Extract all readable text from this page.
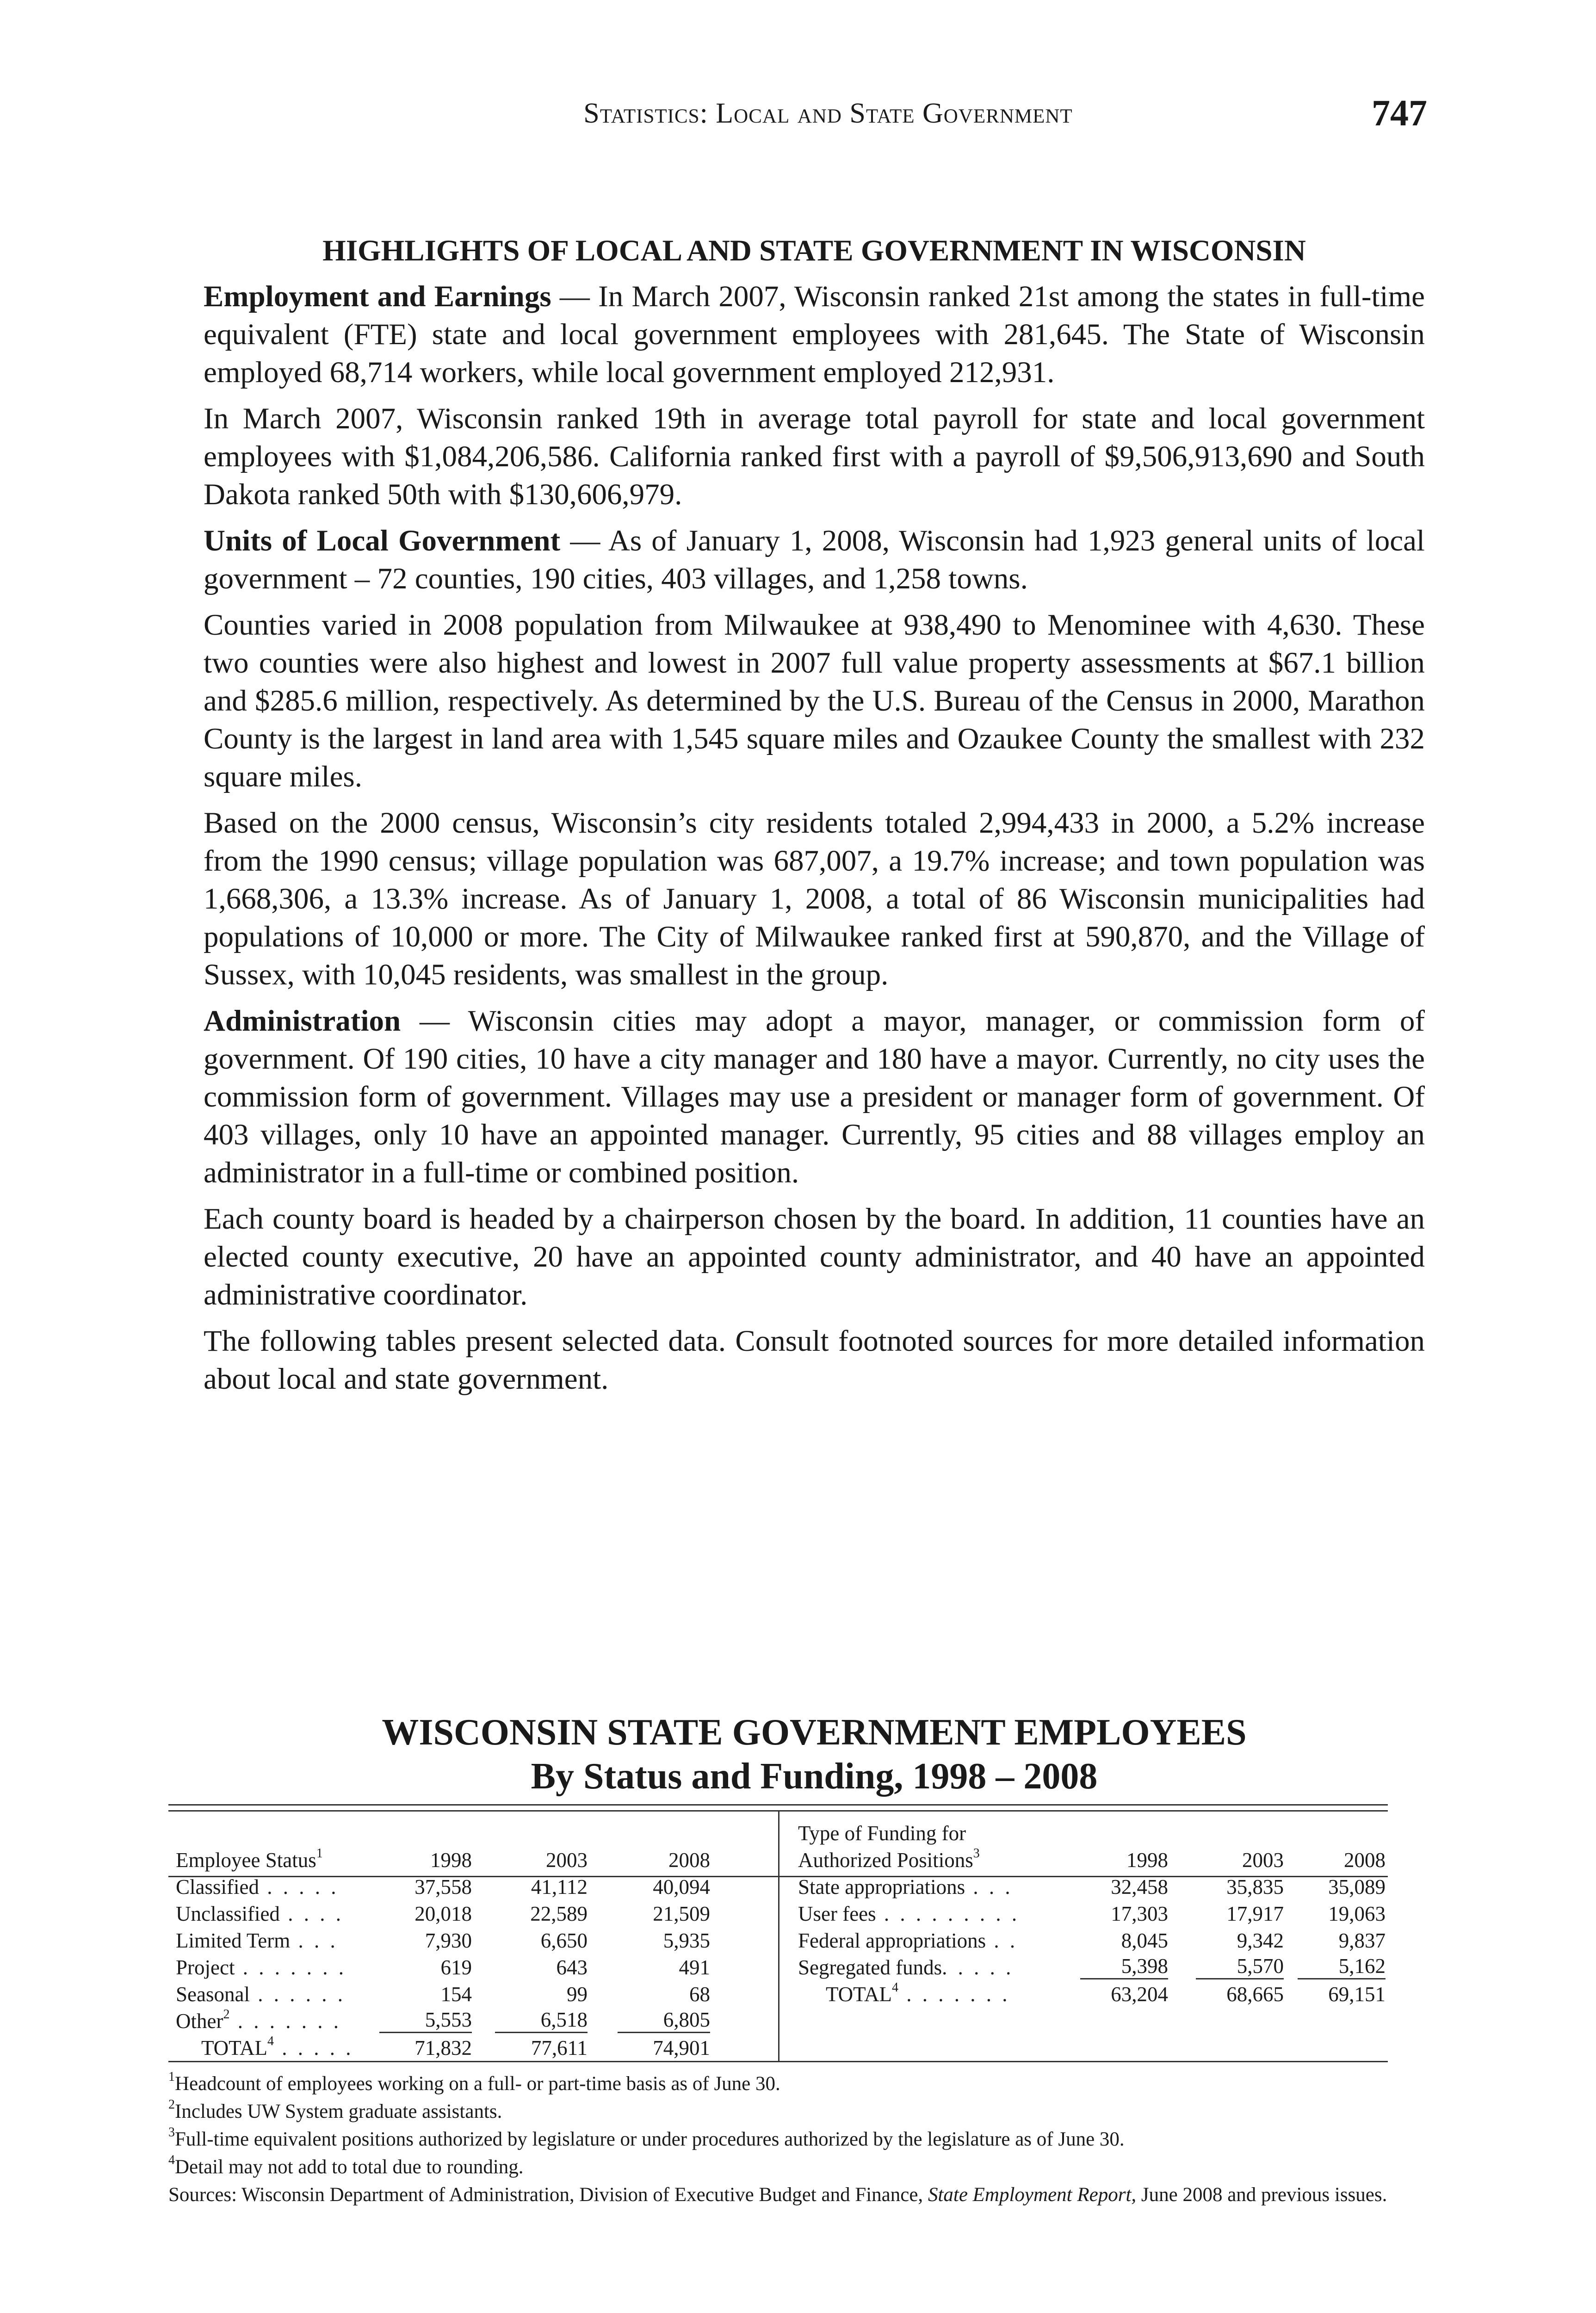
Statistics: Local and State Government	747
HIGHLIGHTS OF LOCAL AND STATE GOVERNMENT IN WISCONSIN

Employment and Earnings — In March 2007, Wisconsin ranked 21st among the states in full-time equivalent (FTE) state and local government employees with 281,645. The State of Wisconsin employed 68,714 workers, while local government employed 212,931.

In March 2007, Wisconsin ranked 19th in average total payroll for state and local government employees with $1,084,206,586. California ranked first with a payroll of $9,506,913,690 and South Dakota ranked 50th with $130,606,979.

Units of Local Government — As of January 1, 2008, Wisconsin had 1,923 general units of local government – 72 counties, 190 cities, 403 villages, and 1,258 towns.

Counties varied in 2008 population from Milwaukee at 938,490 to Menominee with 4,630. These two counties were also highest and lowest in 2007 full value property assessments at $67.1 billion and $285.6 million, respectively. As determined by the U.S. Bureau of the Census in 2000, Marathon County is the largest in land area with 1,545 square miles and Ozaukee County the smallest with 232 square miles.

Based on the 2000 census, Wisconsin’s city residents totaled 2,994,433 in 2000, a 5.2% increase from the 1990 census; village population was 687,007, a 19.7% increase; and town population was 1,668,306, a 13.3% increase. As of January 1, 2008, a total of 86 Wisconsin municipalities had populations of 10,000 or more. The City of Milwaukee ranked first at 590,870, and the Village of Sussex, with 10,045 residents, was smallest in the group.

Administration — Wisconsin cities may adopt a mayor, manager, or commission form of government. Of 190 cities, 10 have a city manager and 180 have a mayor. Currently, no city uses the commission form of government. Villages may use a president or manager form of government. Of 403 villages, only 10 have an appointed manager. Currently, 95 cities and 88 villages employ an administrator in a full-time or combined position.

Each county board is headed by a chairperson chosen by the board. In addition, 11 counties have an elected county executive, 20 have an appointed county administrator, and 40 have an appointed administrative coordinator.

The following tables present selected data. Consult footnoted sources for more detailed information about local and state government.

WISCONSIN STATE GOVERNMENT EMPLOYEES
By Status and Funding, 1998 – 2008
Employee Status$^1$	1998	2003	2008
Classified . . . . .	37,558	41,112	40,094
Unclassified . . . .	20,018	22,589	21,509
Limited Term . . .	7,930	6,650	5,935
Project . . . . . . .	619	643	491
Seasonal . . . . . .	154	99	68
Other$^2$ . . . . . . .	5,553	6,518	6,805
TOTAL$^4$ . . . . .	71,832	77,611	74,901
Type of Funding for
Authorized Positions$^3$	1998	2003	2008
State appropriations . . .	32,458	35,835	35,089
User fees . . . . . . . . .	17,303	17,917	19,063
Federal appropriations . .	8,045	9,342	9,837
Segregated funds. . . . .	5,398	5,570	5,162
TOTAL$^4$ . . . . . . .	63,204	68,665	69,151

$^1$Headcount of employees working on a full- or part-time basis as of June 30.

$^2$Includes UW System graduate assistants.

$^3$Full-time equivalent positions authorized by legislature or under procedures authorized by the legislature as of June 30.

$^4$Detail may not add to total due to rounding.

Sources: Wisconsin Department of Administration, Division of Executive Budget and Finance, State Employment Report, June 2008 and previous issues.
